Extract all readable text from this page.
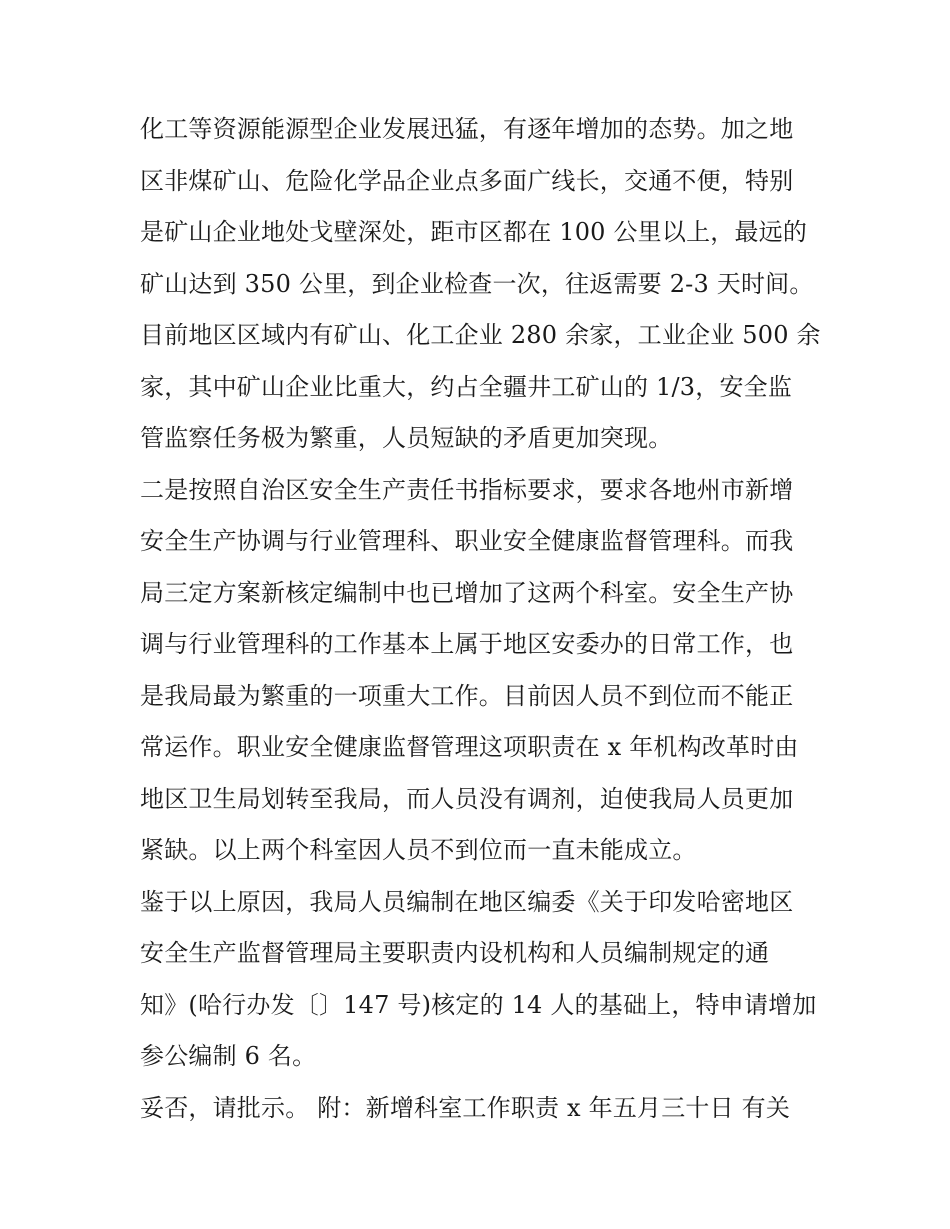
化工等资源能源型企业发展迅猛，有逐年增加的态势。加之地
区非煤矿山、危险化学品企业点多面广线长，交通不便，特别
是矿山企业地处戈壁深处，距市区都在 100 公里以上，最远的
矿山达到 350 公里，到企业检查一次，往返需要 2-3 天时间。
目前地区区域内有矿山、化工企业 280 余家，工业企业 500 余
家，其中矿山企业比重大，约占全疆井工矿山的 1/3，安全监
管监察任务极为繁重，人员短缺的矛盾更加突现。
二是按照自治区安全生产责任书指标要求，要求各地州市新增
安全生产协调与行业管理科、职业安全健康监督管理科。而我
局三定方案新核定编制中也已增加了这两个科室。安全生产协
调与行业管理科的工作基本上属于地区安委办的日常工作，也
是我局最为繁重的一项重大工作。目前因人员不到位而不能正
常运作。职业安全健康监督管理这项职责在 x 年机构改革时由
地区卫生局划转至我局，而人员没有调剂，迫使我局人员更加
紧缺。以上两个科室因人员不到位而一直未能成立。
鉴于以上原因，我局人员编制在地区编委《关于印发哈密地区
安全生产监督管理局主要职责内设机构和人员编制规定的通
知》(哈行办发〔〕147 号)核定的 14 人的基础上，特申请增加
参公编制 6 名。
妥否，请批示。 附：新增科室工作职责 x 年五月三十日 有关
